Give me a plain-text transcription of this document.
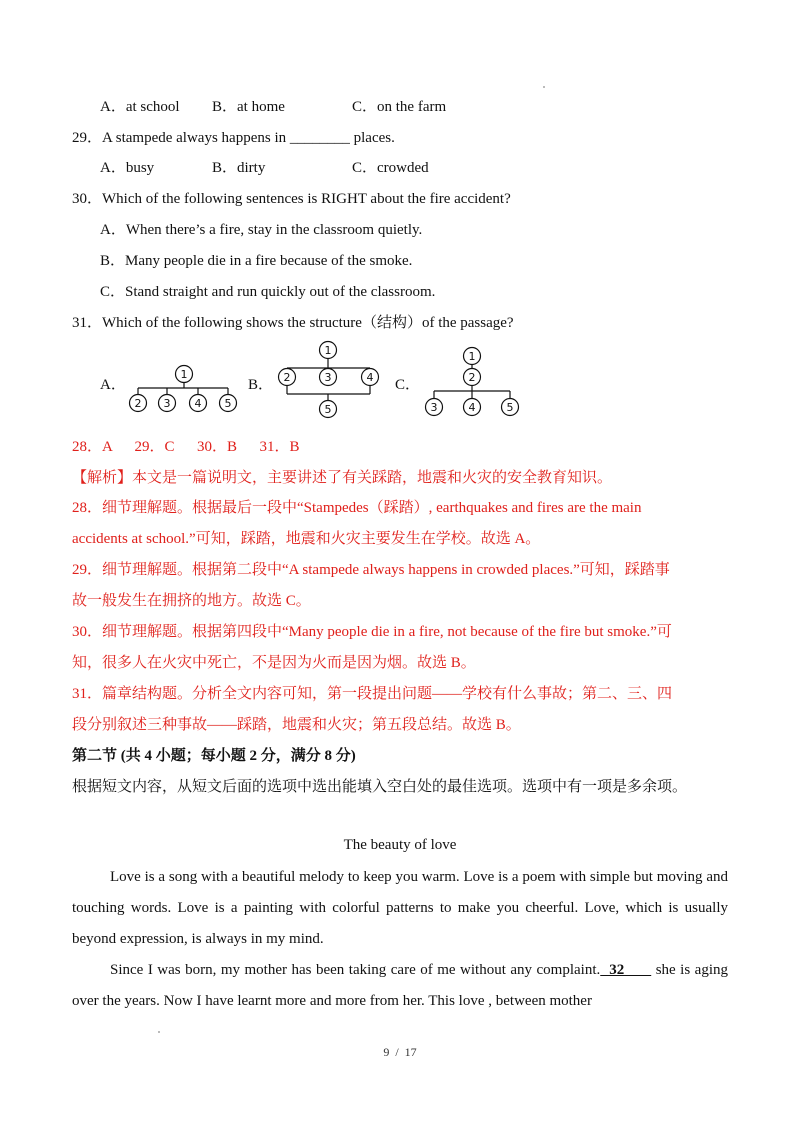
A．at school B．at home	C．on the farm
29．A stampede always happens in ________ places.
A．busy	B．dirty	C．crowded
30．Which of the following sentences is RIGHT about the fire accident?
A．When there’s a fire, stay in the classroom quietly.
B．Many people die in a fire because of the smoke.
C．Stand straight and run quickly out of the classroom.
31．Which of the following shows the structure（结构）of the passage?
A．
1
2 3 4 5
B．
1
2	3	4
5
C．
1
2
3	4	5
28．A      29．C      30．B      31．B
【解析】本文是一篇说明文，主要讲述了有关踩踏，地震和火灾的安全教育知识。
28．细节理解题。根据最后一段中“Stampedes（踩踏）, earthquakes and fires are the main
accidents at school.”可知，踩踏，地震和火灾主要发生在学校。故选 A。
29．细节理解题。根据第二段中“A stampede always happens in crowded places.”可知，踩踏事
故一般发生在拥挤的地方。故选 C。
30．细节理解题。根据第四段中“Many people die in a fire, not because of the fire but smoke.”可
知，很多人在火灾中死亡，不是因为火而是因为烟。故选 B。
31．篇章结构题。分析全文内容可知，第一段提出问题——学校有什么事故；第二、三、四
段分别叙述三种事故——踩踏，地震和火灾；第五段总结。故选 B。
第二节 (共 4 小题；每小题 2 分，满分 8 分)
根据短文内容，从短文后面的选项中选出能填入空白处的最佳选项。选项中有一项是多余项。
The beauty of love
Love is a song with a beautiful melody to keep you warm. Love is a poem with simple but moving and touching words. Love is a painting with colorful patterns to make you cheerful. Love, which is usually beyond expression, is always in my mind.
Since I was born, my mother has been taking care of me without any complaint.  32       she is aging over the years. Now I have learnt more and more from her. This love , between mother
9  /  17
